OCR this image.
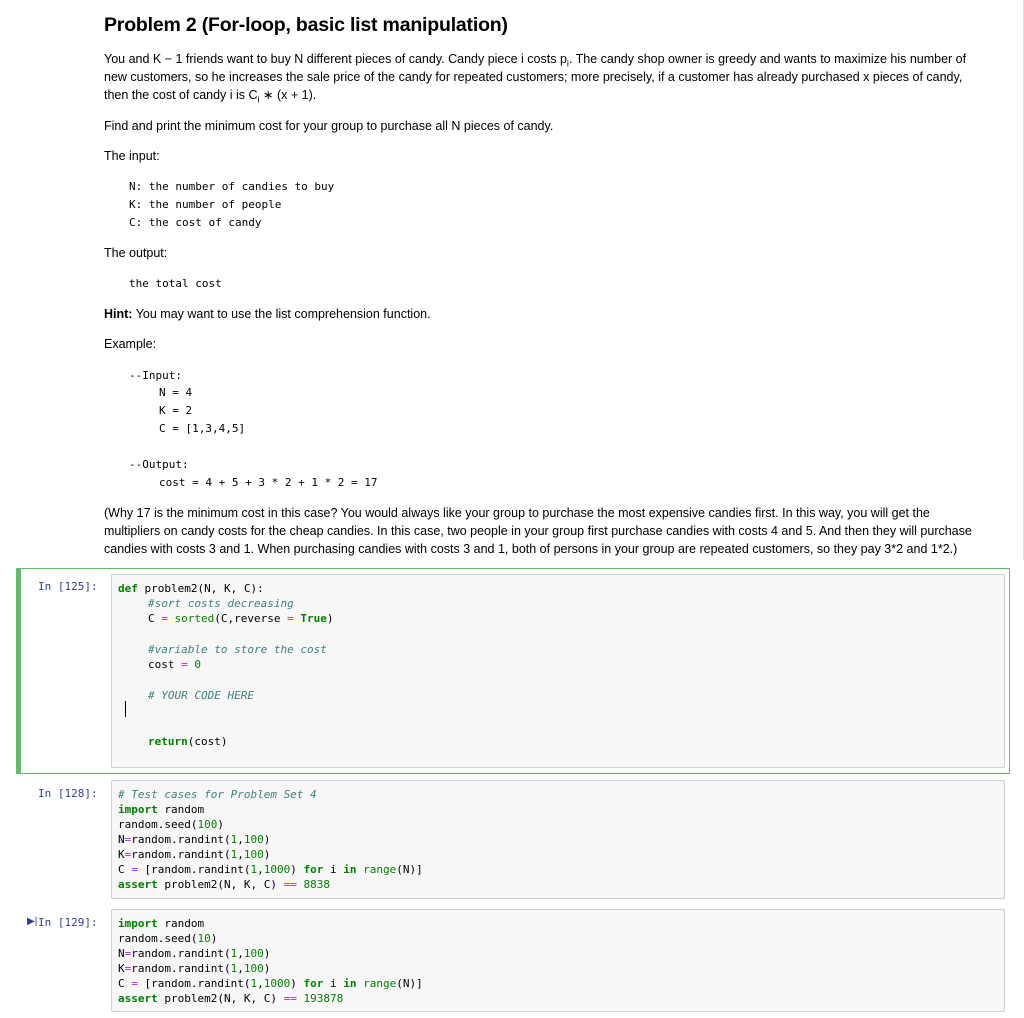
Problem 2 (For-loop, basic list manipulation)

You and K − 1 friends want to buy N different pieces of candy. Candy piece i costs $p_i$. The candy shop owner is greedy and wants to maximize his number of

new customers, so he increases the sale price of the candy for repeated customers; more precisely, if a customer has already purchased x pieces of candy,

then the cost of candy i is $C_i$ ∗ (x + 1).

Find and print the minimum cost for your group to purchase all N pieces of candy.

The input:

N: the number of candies to buy
K: the number of people
C: the cost of candy

The output:

the total cost

Hint: You may want to use the list comprehension function.

Example:

--Input:
N = 4
K = 2
C = [1,3,4,5]
--Output:
cost = 4 + 5 + 3 * 2 + 1 * 2 = 17

(Why 17 is the minimum cost in this case? You would always like your group to purchase the most expensive candies first. In this way, you will get the

multipliers on candy costs for the cheap candies. In this case, two people in your group first purchase candies with costs 4 and 5. And then they will purchase

candies with costs 3 and 1. When purchasing candies with costs 3 and 1, both of persons in your group are repeated customers, so they pay 3*2 and 1*2.)

In [125]: def problem2(N, K, C):
#sort costs decreasing
C = sorted(C,reverse = True)
#variable to store the cost
cost = 0
# YOUR CODE HERE
return(cost)
In [128]: # Test cases for Problem Set 4
import random
random.seed(100)
N=random.randint(1,100)
K=random.randint(1,100)
C = [random.randint(1,1000) for i in range(N)]
assert problem2(N, K, C) == 8838
▶| In [129]: import random
random.seed(10)
N=random.randint(1,100)
K=random.randint(1,100)
C = [random.randint(1,1000) for i in range(N)]
assert problem2(N, K, C) == 193878
